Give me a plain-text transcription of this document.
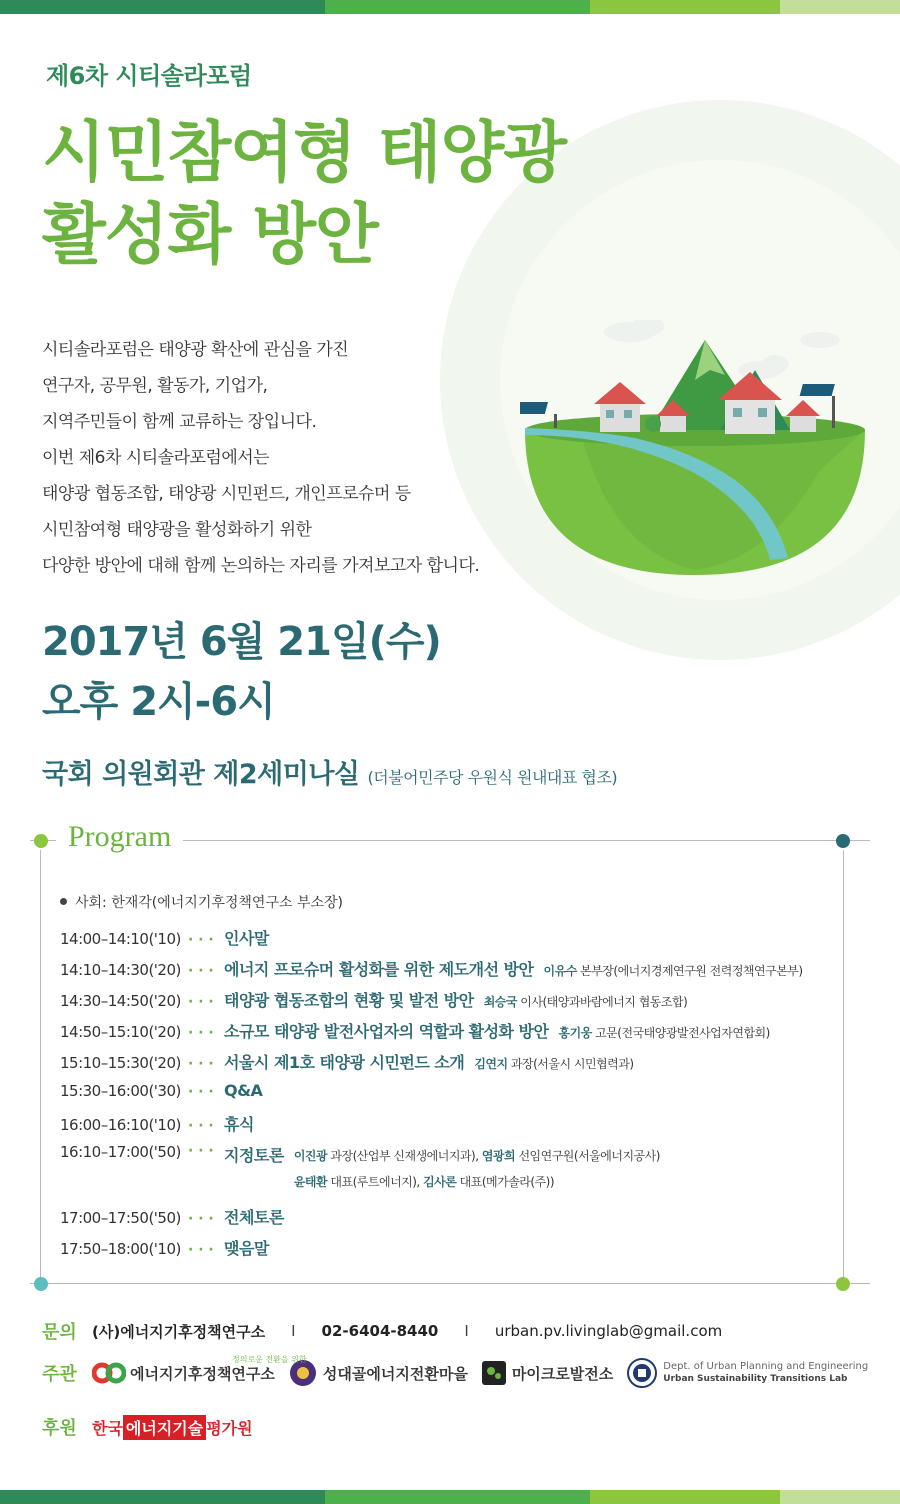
제6차 시티솔라포럼
시민참여형 태양광
활성화 방안

시티솔라포럼은 태양광 확산에 관심을 가진

연구자, 공무원, 활동가, 기업가,

지역주민들이 함께 교류하는 장입니다.

이번 제6차 시티솔라포럼에서는

태양광 협동조합, 태양광 시민펀드, 개인프로슈머 등

시민참여형 태양광을 활성화하기 위한

다양한 방안에 대해 함께 논의하는 자리를 가져보고자 합니다.

2017년 6월 21일(수)
오후 2시-6시
국회 의원회관 제2세미나실 (더불어민주당 우원식 원내대표 협조)
Program
사회: 한재각(에너지기후정책연구소 부소장)
14:00–14:10('10) · · · 인사말
14:10–14:30('20) · · · 에너지 프로슈머 활성화를 위한 제도개선 방안 이유수 본부장(에너지경제연구원 전력정책연구본부)
14:30–14:50('20) · · · 태양광 협동조합의 현황 및 발전 방안 최승국 이사(태양과바람에너지 협동조합)
14:50–15:10('20) · · · 소규모 태양광 발전사업자의 역할과 활성화 방안 홍기웅 고문(전국태양광발전사업자연합회)
15:10–15:30('20) · · · 서울시 제1호 태양광 시민펀드 소개 김연지 과장(서울시 시민협력과)
15:30–16:00('30) · · · Q&A
16:00–16:10('10) · · · 휴식
16:10–17:00('50) · · · 지정토론 이진광 과장(산업부 신재생에너지과), 염광희 선임연구원(서울에너지공사)
윤태환 대표(루트에너지), 김사론 대표(메가솔라(주))
17:00–17:50('50) · · · 전체토론
17:50–18:00('10) · · · 맺음말
문의	(사)에너지기후정책연구소 I 02-6404-8440 I urban.pv.livinglab@gmail.com
주관	에너지기후정책연구소
정의로운 전환을 위한
성대골에너지전환마을	마이크로발전소	Dept. of Urban Planning and Engineering
Urban Sustainability Transitions Lab
후원 한국 에너지기술 평가원
